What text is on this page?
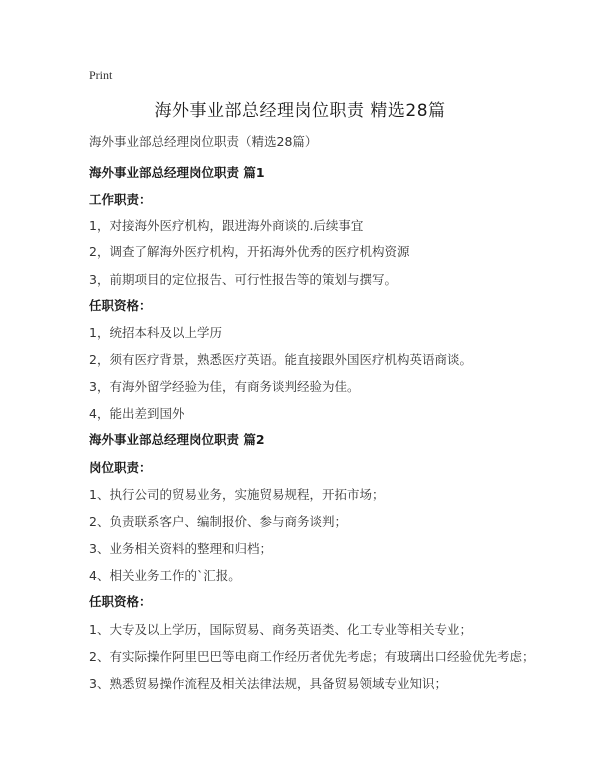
Print
海外事业部总经理岗位职责 精选28篇
海外事业部总经理岗位职责（精选28篇）
海外事业部总经理岗位职责 篇1
工作职责：
1，对接海外医疗机构，跟进海外商谈的.后续事宜
2，调查了解海外医疗机构，开拓海外优秀的医疗机构资源
3，前期项目的定位报告、可行性报告等的策划与撰写。
任职资格：
1，统招本科及以上学历
2，须有医疗背景，熟悉医疗英语。能直接跟外国医疗机构英语商谈。
3，有海外留学经验为佳，有商务谈判经验为佳。
4，能出差到国外
海外事业部总经理岗位职责 篇2
岗位职责：
1、执行公司的贸易业务，实施贸易规程，开拓市场；
2、负责联系客户、编制报价、参与商务谈判；
3、业务相关资料的整理和归档；
4、相关业务工作的`汇报。
任职资格：
1、大专及以上学历，国际贸易、商务英语类、化工专业等相关专业；
2、有实际操作阿里巴巴等电商工作经历者优先考虑；有玻璃出口经验优先考虑；
3、熟悉贸易操作流程及相关法律法规，具备贸易领域专业知识；
